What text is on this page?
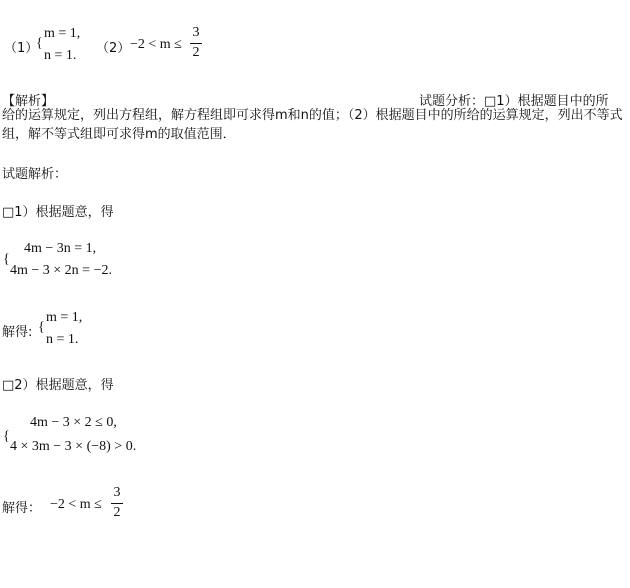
（1）
{
m = 1,
n = 1. （2） −2 < m ≤
3
2
【解析】	试题分析：□1）根据题目中的所
给的运算规定，列出方程组，解方程组即可求得m和n的值；（2）根据题目中的所给的运算规定，列出不等式组，解不等式组即可求得m的取值范围．
试题解析：
□1）根据题意，得
{
4m − 3n = 1,
4m − 3 × 2n = −2.
解得: {
m = 1,
n = 1.
□2）根据题意，得
{
4m − 3 × 2 ≤ 0,
4 × 3m − 3 × (−8) > 0.
解得： −2 < m ≤
3
2
